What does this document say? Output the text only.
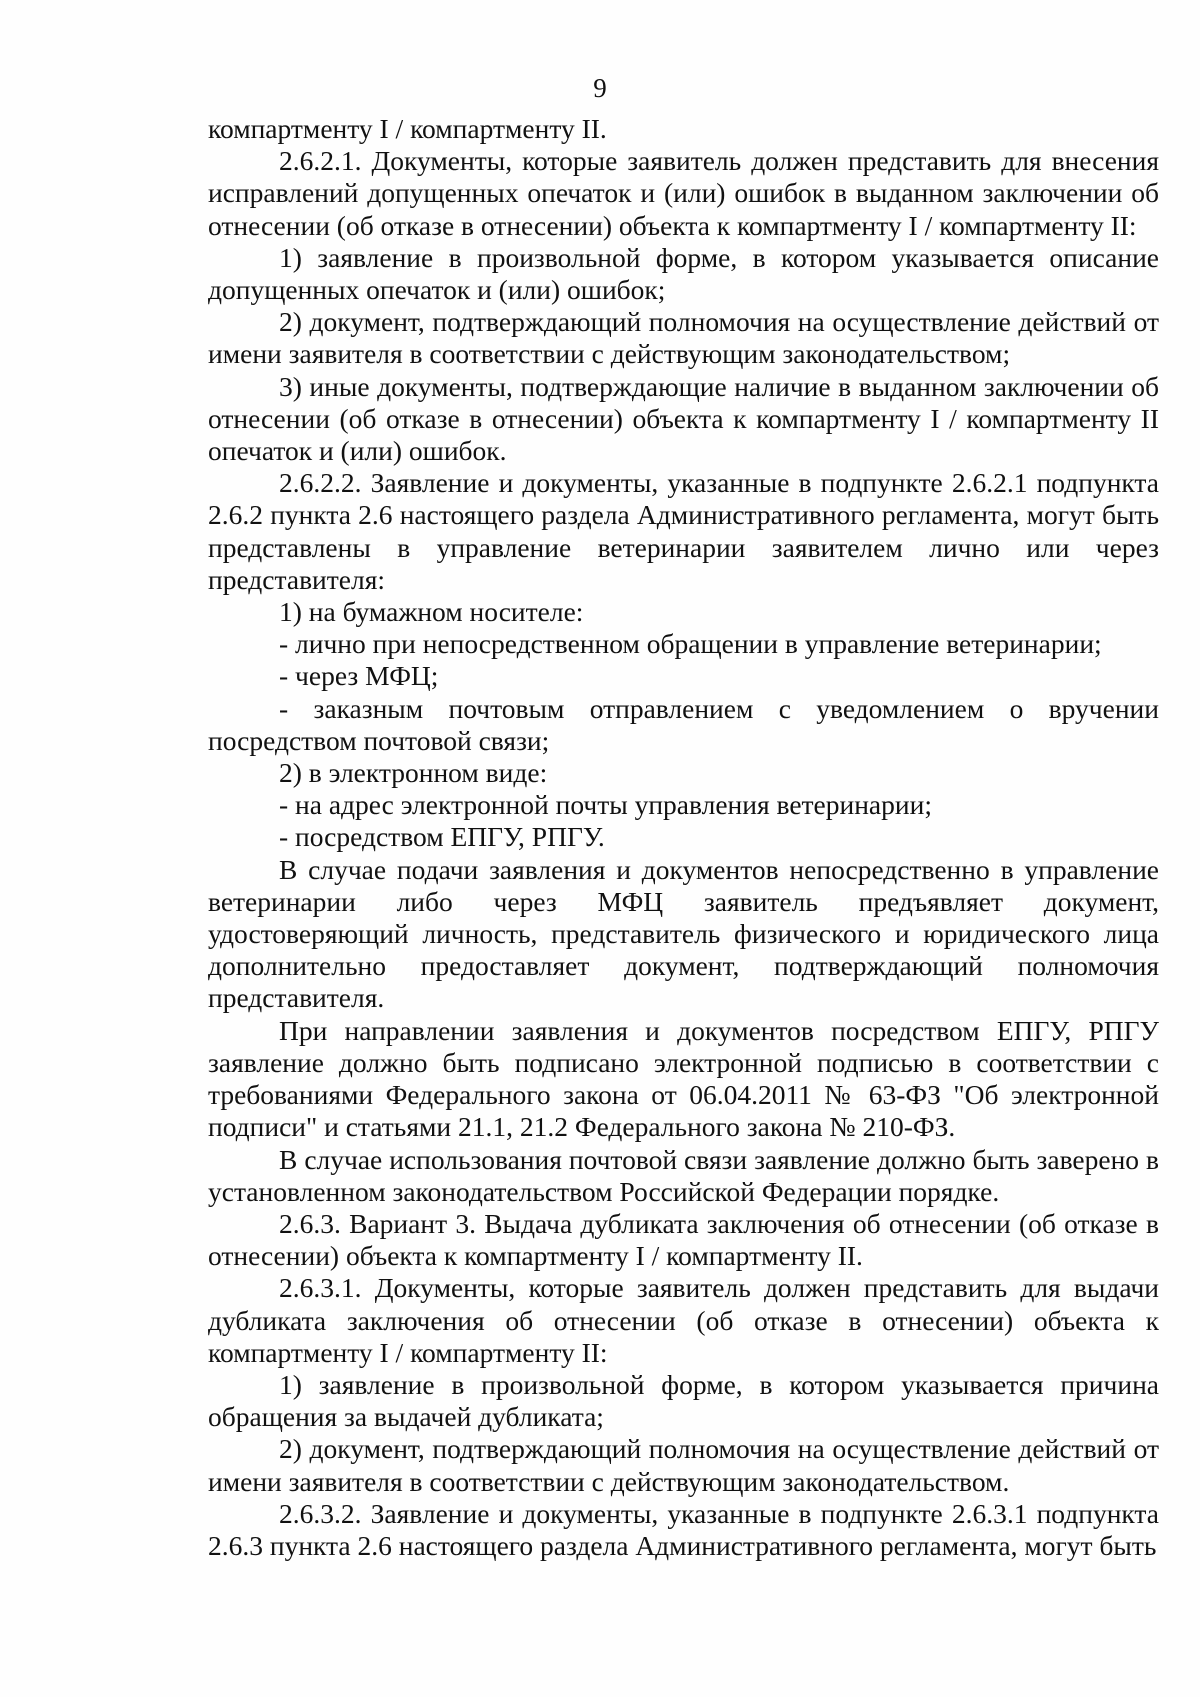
9

компартменту I / компартменту II.

2.6.2.1. Документы, которые заявитель должен представить для внесения исправлений допущенных опечаток и (или) ошибок в выданном заключении об отнесении (об отказе в отнесении) объекта к компартменту I / компартменту II:

1) заявление в произвольной форме, в котором указывается описание допущенных опечаток и (или) ошибок;

2) документ, подтверждающий полномочия на осуществление действий от имени заявителя в соответствии с действующим законодательством;

3) иные документы, подтверждающие наличие в выданном заключении об отнесении (об отказе в отнесении) объекта к компартменту I / компартменту II опечаток и (или) ошибок.

2.6.2.2. Заявление и документы, указанные в подпункте 2.6.2.1 подпункта 2.6.2 пункта 2.6 настоящего раздела Административного регламента, могут быть представлены в управление ветеринарии заявителем лично или через представителя:

1) на бумажном носителе:

- лично при непосредственном обращении в управление ветеринарии;

- через МФЦ;

- заказным почтовым отправлением с уведомлением о вручении посредством почтовой связи;

2) в электронном виде:

- на адрес электронной почты управления ветеринарии;

- посредством ЕПГУ, РПГУ.

В случае подачи заявления и документов непосредственно в управление ветеринарии либо через МФЦ заявитель предъявляет документ, удостоверяющий личность, представитель физического и юридического лица дополнительно предоставляет документ, подтверждающий полномочия представителя.

При направлении заявления и документов посредством ЕПГУ, РПГУ заявление должно быть подписано электронной подписью в соответствии с требованиями Федерального закона от 06.04.2011 № 63-ФЗ "Об электронной подписи" и статьями 21.1, 21.2 Федерального закона № 210-ФЗ.

В случае использования почтовой связи заявление должно быть заверено в установленном законодательством Российской Федерации порядке.

2.6.3. Вариант 3. Выдача дубликата заключения об отнесении (об отказе в отнесении) объекта к компартменту I / компартменту II.

2.6.3.1. Документы, которые заявитель должен представить для выдачи дубликата заключения об отнесении (об отказе в отнесении) объекта к компартменту I / компартменту II:

1) заявление в произвольной форме, в котором указывается причина обращения за выдачей дубликата;

2) документ, подтверждающий полномочия на осуществление действий от имени заявителя в соответствии с действующим законодательством.

2.6.3.2. Заявление и документы, указанные в подпункте 2.6.3.1 подпункта 2.6.3 пункта 2.6 настоящего раздела Административного регламента, могут быть
